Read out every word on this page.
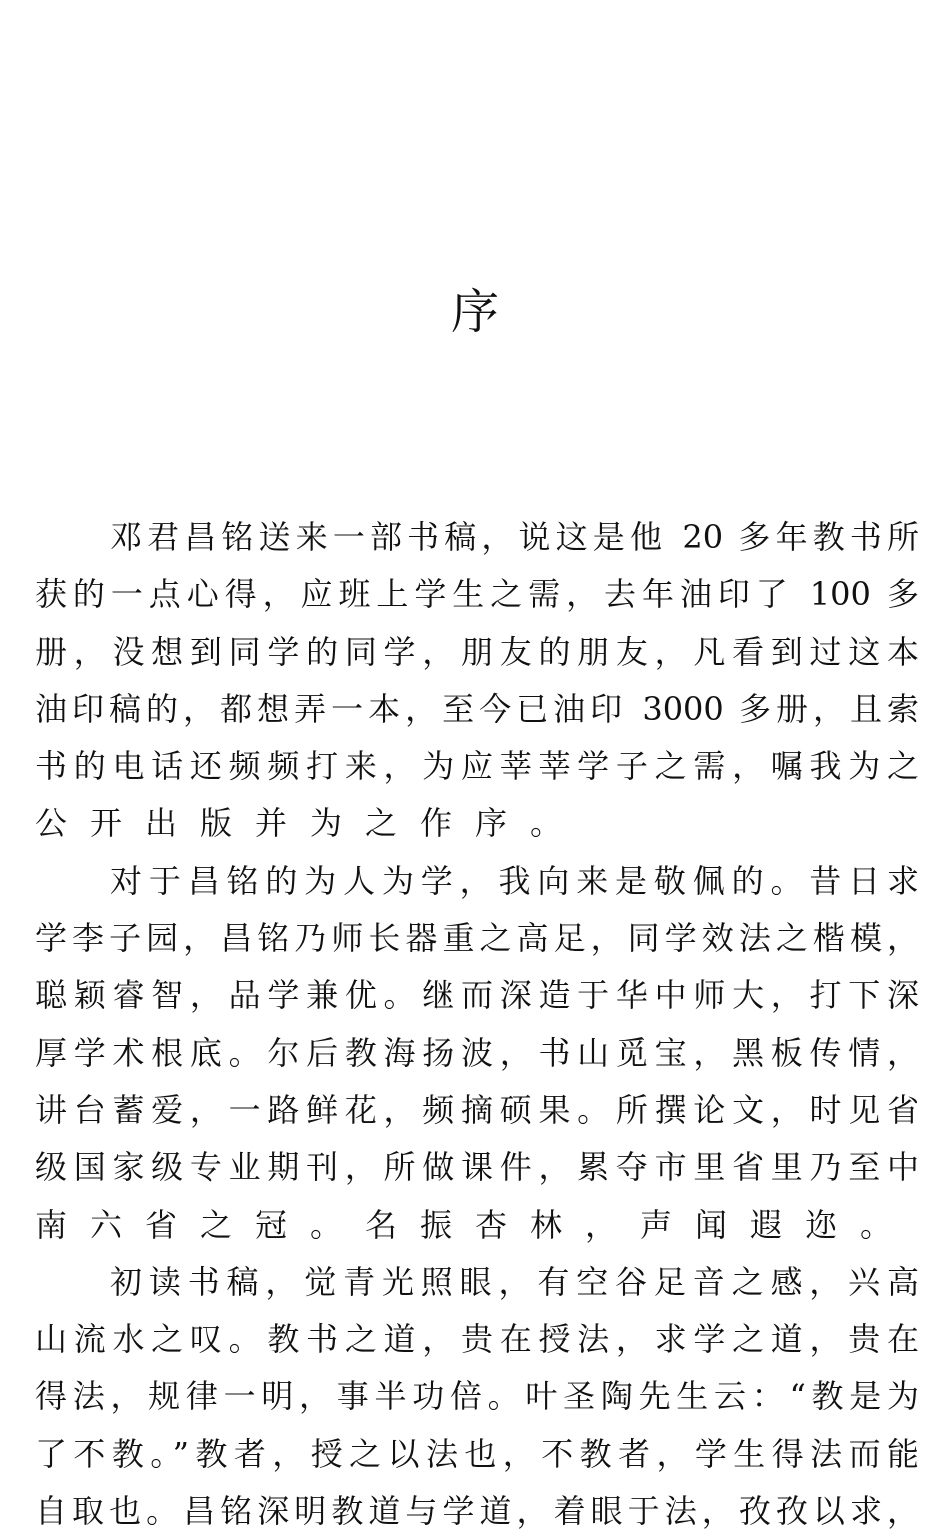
序
邓君昌铭送来一部书稿，说这是他 20 多年教书所
获的一点心得，应班上学生之需，去年油印了 100 多
册，没想到同学的同学，朋友的朋友，凡看到过这本
油印稿的，都想弄一本，至今已油印 3000 多册，且索
书的电话还频频打来，为应莘莘学子之需，嘱我为之
公开出版并为之作序。
对于昌铭的为人为学，我向来是敬佩的。昔日求
学李子园，昌铭乃师长器重之高足，同学效法之楷模，
聪颖睿智，品学兼优。继而深造于华中师大，打下深
厚学术根底。尔后教海扬波，书山觅宝，黑板传情，
讲台蓄爱，一路鲜花，频摘硕果。所撰论文，时见省
级国家级专业期刊，所做课件，累夺市里省里乃至中
南六省之冠。名振杏林，声闻遐迩。
初读书稿，觉青光照眼，有空谷足音之感，兴高
山流水之叹。教书之道，贵在授法，求学之道，贵在
得法，规律一明，事半功倍。叶圣陶先生云：“教是为
了不教。”教者，授之以法也，不教者，学生得法而能
自取也。昌铭深明教道与学道，着眼于法，孜孜以求，
